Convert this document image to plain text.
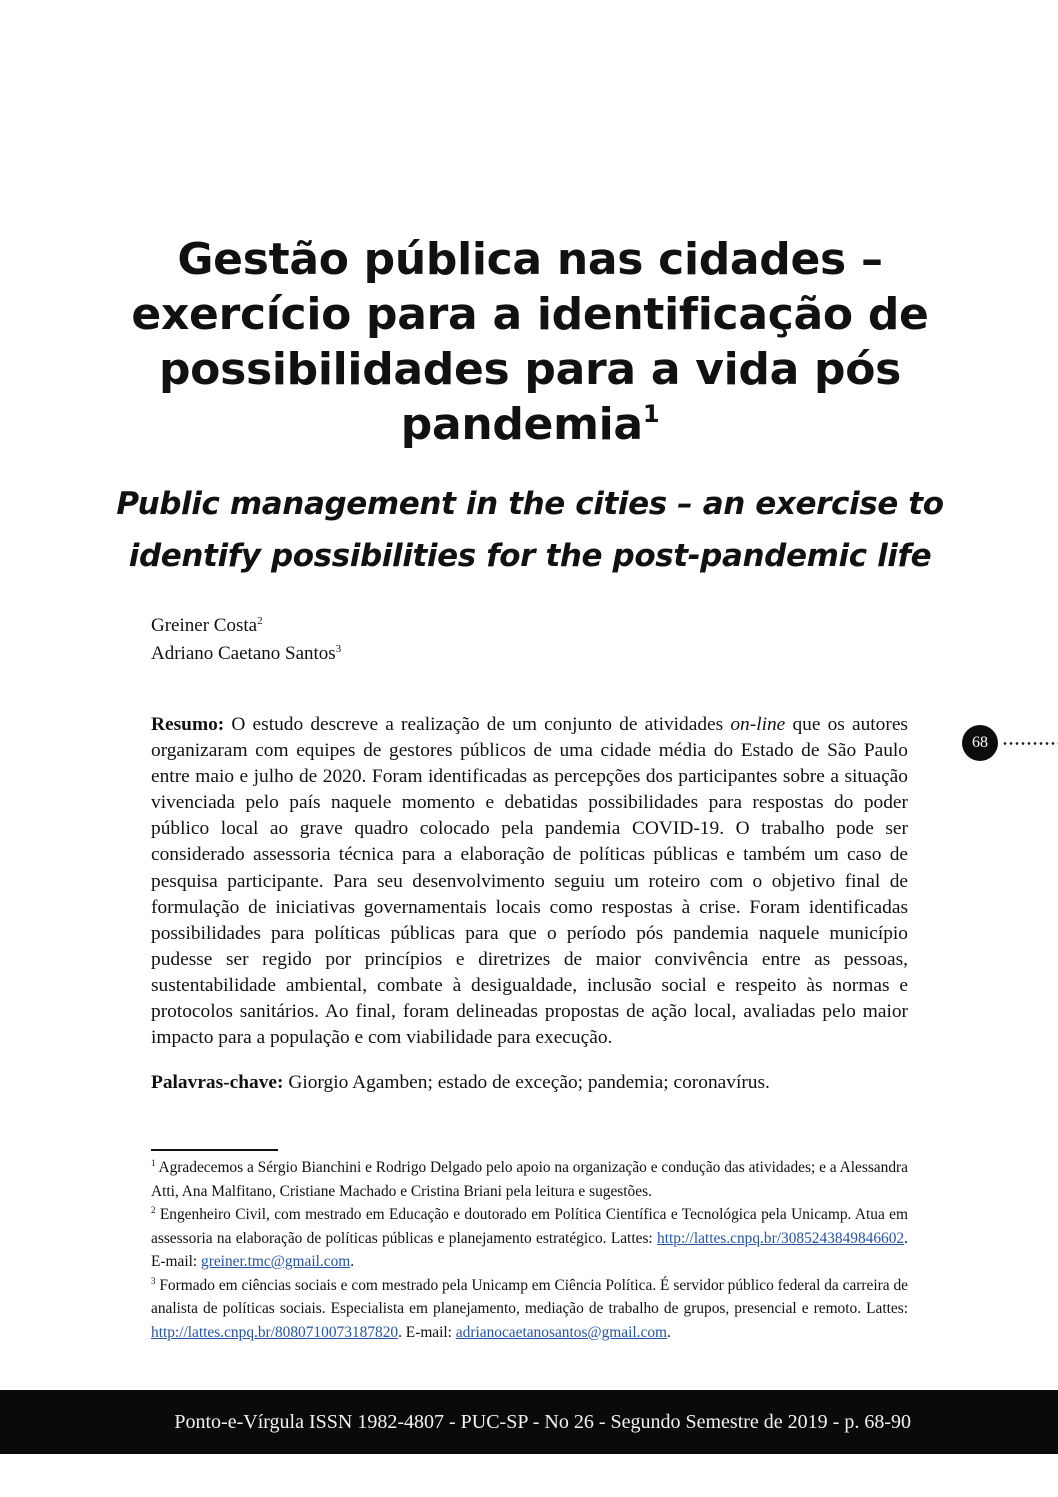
Gestão pública nas cidades – exercício para a identificação de possibilidades para a vida pós pandemia$^1$
Public management in the cities – an exercise to identify possibilities for the post-pandemic life
Greiner Costa$^2$
Adriano Caetano Santos$^3$
68
Resumo: O estudo descreve a realização de um conjunto de atividades on-line que os autores organizaram com equipes de gestores públicos de uma cidade média do Estado de São Paulo entre maio e julho de 2020. Foram identificadas as percepções dos participantes sobre a situação vivenciada pelo país naquele momento e debatidas possibilidades para respostas do poder público local ao grave quadro colocado pela pandemia COVID-19. O trabalho pode ser considerado assessoria técnica para a elaboração de políticas públicas e também um caso de pesquisa participante. Para seu desenvolvimento seguiu um roteiro com o objetivo final de formulação de iniciativas governamentais locais como respostas à crise. Foram identificadas possibilidades para políticas públicas para que o período pós pandemia naquele município pudesse ser regido por princípios e diretrizes de maior convivência entre as pessoas, sustentabilidade ambiental, combate à desigualdade, inclusão social e respeito às normas e protocolos sanitários. Ao final, foram delineadas propostas de ação local, avaliadas pelo maior impacto para a população e com viabilidade para execução.
Palavras-chave: Giorgio Agamben; estado de exceção; pandemia; coronavírus.

$^1$ Agradecemos a Sérgio Bianchini e Rodrigo Delgado pelo apoio na organização e condução das atividades; e a Alessandra Atti, Ana Malfitano, Cristiane Machado e Cristina Briani pela leitura e sugestões.

$^2$ Engenheiro Civil, com mestrado em Educação e doutorado em Política Científica e Tecnológica pela Unicamp. Atua em assessoria na elaboração de políticas públicas e planejamento estratégico. Lattes: http://lattes.cnpq.br/3085243849846602. E-mail: greiner.tmc@gmail.com.

$^3$ Formado em ciências sociais e com mestrado pela Unicamp em Ciência Política. É servidor público federal da carreira de analista de políticas sociais. Especialista em planejamento, mediação de trabalho de grupos, presencial e remoto. Lattes: http://lattes.cnpq.br/8080710073187820. E-mail: adrianocaetanosantos@gmail.com.

Ponto-e-Vírgula ISSN 1982-4807 - PUC-SP - No 26 - Segundo Semestre de 2019 - p. 68-90
